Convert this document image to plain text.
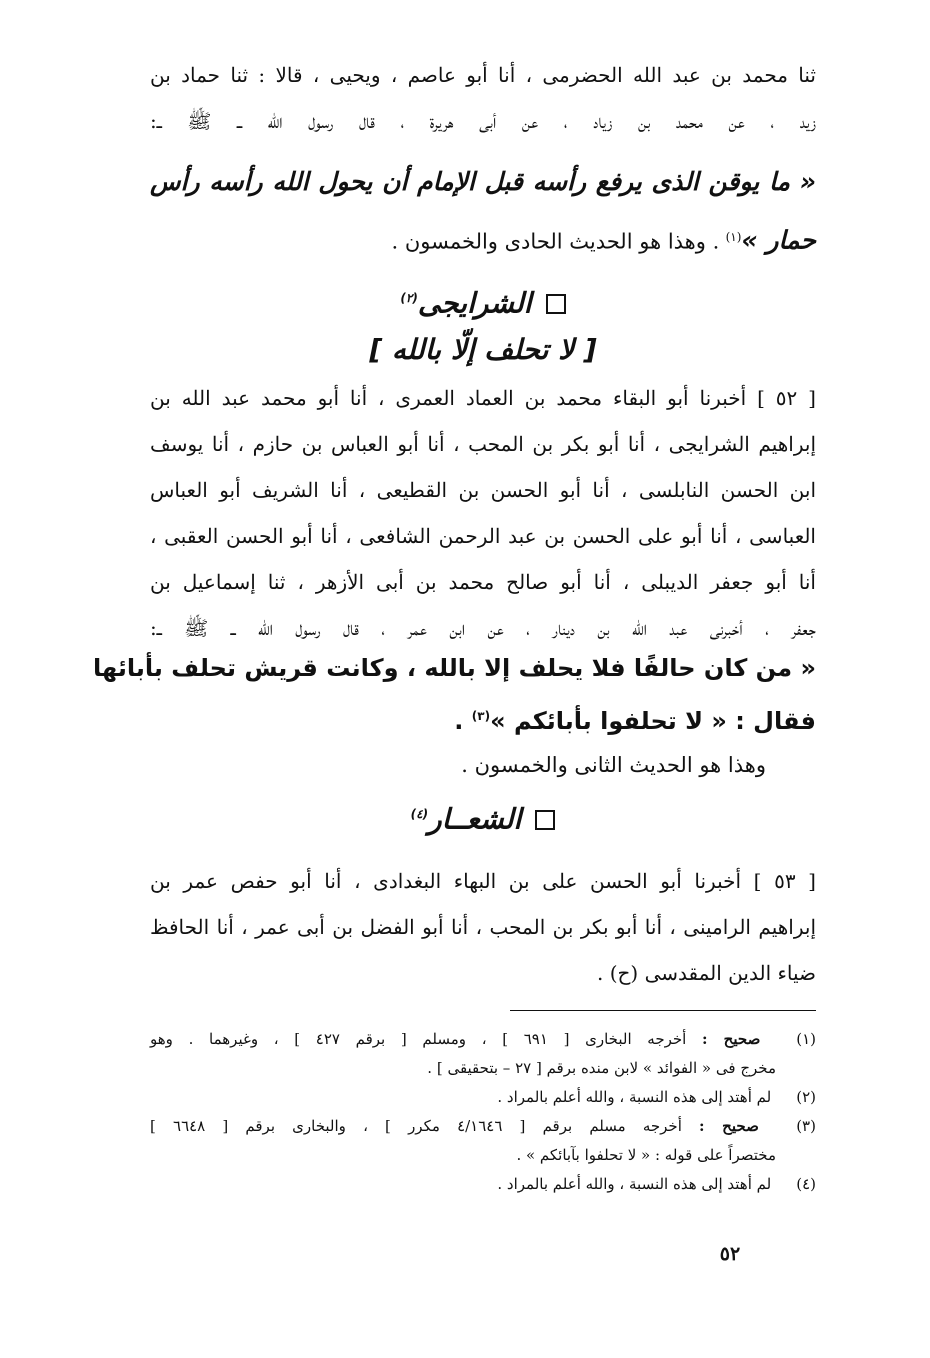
ثنا محمد بن عبد الله الحضرمى ، أنا أبو عاصم ، ويحيى ، قالا : ثنا حماد بن
زيد ، عن محمد بن زياد ، عن أبى هريرة ، قال رسول الله ــ ﷺ ــ:
« ما يوقن الذى يرفع رأسه قبل الإمام أن يحول الله رأسه رأس
حمار »$^{(١)}$ . وهذا هو الحديث الحادى والخمسون .
الشرايجى$^{(٢)}$
[ لا تحلف إلّا بالله ]
[ ٥٢ ] أخبرنا أبو البقاء محمد بن العماد العمرى ، أنا أبو محمد عبد الله بن
إبراهيم الشرايجى ، أنا أبو بكر بن المحب ، أنا أبو العباس بن حازم ، أنا يوسف
ابن الحسن النابلسى ، أنا أبو الحسن بن القطيعى ، أنا الشريف أبو العباس
العباسى ، أنا أبو على الحسن بن عبد الرحمن الشافعى ، أنا أبو الحسن العقبى ،
أنا أبو جعفر الديبلى ، أنا أبو صالح محمد بن أبى الأزهر ، ثنا إسماعيل بن
جعفر ، أخبرنى عبد الله بن دينار ، عن ابن عمر ، قال رسول الله ــ ﷺ ــ:
« من كان حالفًا فلا يحلف إلا بالله ، وكانت قريش تحلف بأبائها
فقال : « لا تحلفوا بأبائكم »$^{(٣)}$ .
وهذا هو الحديث الثانى والخمسون .
الشعــار$^{(٤)}$
[ ٥٣ ] أخبرنا أبو الحسن على بن البهاء البغدادى ، أنا أبو حفص عمر بن
إبراهيم الرامينى ، أنا أبو بكر بن المحب ، أنا أبو الفضل بن أبى عمر ، أنا الحافظ
ضياء الدين المقدسى (ح) .
(١) صحيح : أخرجه البخارى [ ٦٩١ ] ، ومسلم [ برقم ٤٢٧ ] ، وغيرهما . وهو
مخرج فى « الفوائد » لابن منده برقم [ ٢٧ – بتحقيقى ] .
(٢) لم أهتد إلى هذه النسبة ، والله أعلم بالمراد .
(٣) صحيح : أخرجه مسلم برقم [ ٤/١٦٤٦ مكرر ] ، والبخارى برقم [ ٦٦٤٨ ]
مختصراً على قوله : « لا تحلفوا بآبائكم » .
(٤) لم أهتد إلى هذه النسبة ، والله أعلم بالمراد .
٥٢
